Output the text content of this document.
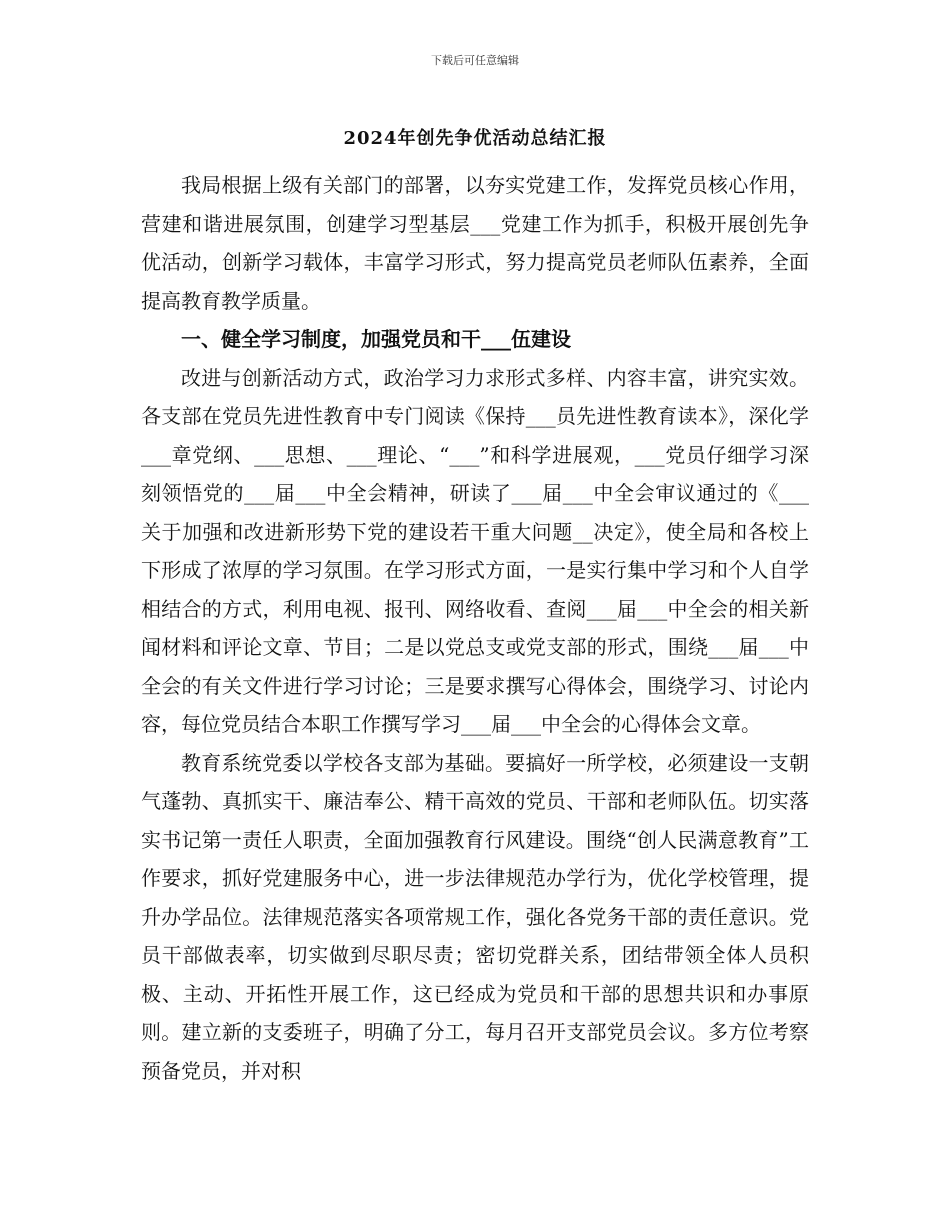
下载后可任意编辑
2024年创先争优活动总结汇报

我局根据上级有关部门的部署，以夯实党建工作，发挥党员核心作用，营建和谐进展氛围，创建学习型基层___党建工作为抓手，积极开展创先争优活动，创新学习载体，丰富学习形式，努力提高党员老师队伍素养，全面提高教育教学质量。

一、健全学习制度，加强党员和干___伍建设

改进与创新活动方式，政治学习力求形式多样、内容丰富，讲究实效。各支部在党员先进性教育中专门阅读《保持___员先进性教育读本》，深化学___章党纲、___思想、___理论、“___”和科学进展观，___党员仔细学习深刻领悟党的___届___中全会精神，研读了___届___中全会审议通过的《___关于加强和改进新形势下党的建设若干重大问题__决定》，使全局和各校上下形成了浓厚的学习氛围。在学习形式方面，一是实行集中学习和个人自学相结合的方式，利用电视、报刊、网络收看、查阅___届___中全会的相关新闻材料和评论文章、节目；二是以党总支或党支部的形式，围绕___届___中全会的有关文件进行学习讨论；三是要求撰写心得体会，围绕学习、讨论内容，每位党员结合本职工作撰写学习___届___中全会的心得体会文章。

教育系统党委以学校各支部为基础。要搞好一所学校，必须建设一支朝气蓬勃、真抓实干、廉洁奉公、精干高效的党员、干部和老师队伍。切实落实书记第一责任人职责，全面加强教育行风建设。围绕“创人民满意教育”工作要求，抓好党建服务中心，进一步法律规范办学行为，优化学校管理，提升办学品位。法律规范落实各项常规工作，强化各党务干部的责任意识。党员干部做表率，切实做到尽职尽责；密切党群关系，团结带领全体人员积极、主动、开拓性开展工作，这已经成为党员和干部的思想共识和办事原则。建立新的支委班子，明确了分工，每月召开支部党员会议。多方位考察预备党员，并对积
